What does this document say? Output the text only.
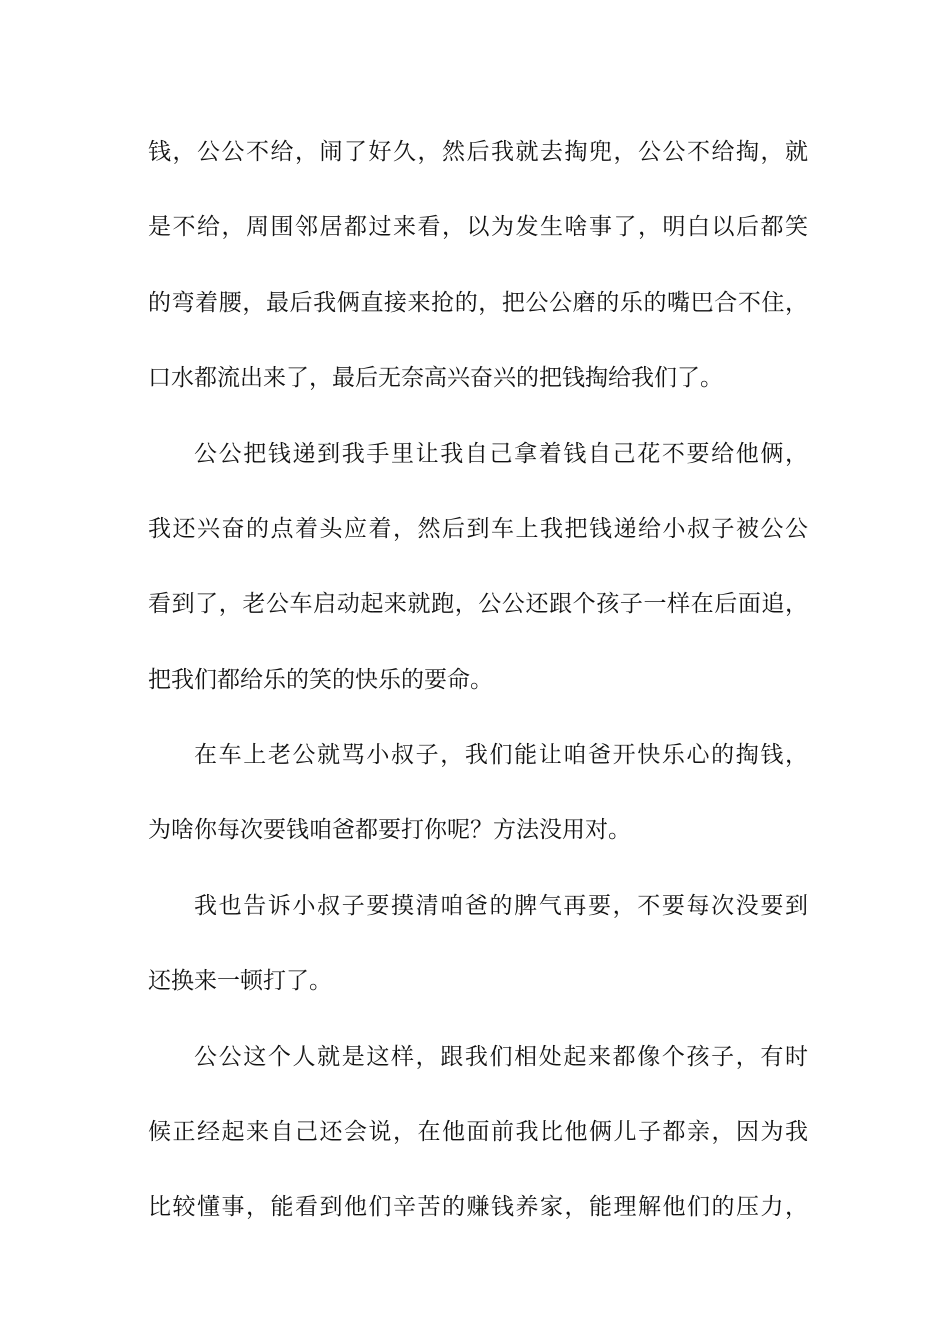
钱，公公不给，闹了好久，然后我就去掏兜，公公不给掏，就
是不给，周围邻居都过来看，以为发生啥事了，明白以后都笑
的弯着腰，最后我俩直接来抢的，把公公磨的乐的嘴巴合不住，
口水都流出来了，最后无奈高兴奋兴的把钱掏给我们了。
公公把钱递到我手里让我自己拿着钱自己花不要给他俩，
我还兴奋的点着头应着，然后到车上我把钱递给小叔子被公公
看到了，老公车启动起来就跑，公公还跟个孩子一样在后面追，
把我们都给乐的笑的快乐的要命。
在车上老公就骂小叔子，我们能让咱爸开快乐心的掏钱，
为啥你每次要钱咱爸都要打你呢？方法没用对。
我也告诉小叔子要摸清咱爸的脾气再要，不要每次没要到
还换来一顿打了。
公公这个人就是这样，跟我们相处起来都像个孩子，有时
候正经起来自己还会说，在他面前我比他俩儿子都亲，因为我
比较懂事，能看到他们辛苦的赚钱养家，能理解他们的压力，
